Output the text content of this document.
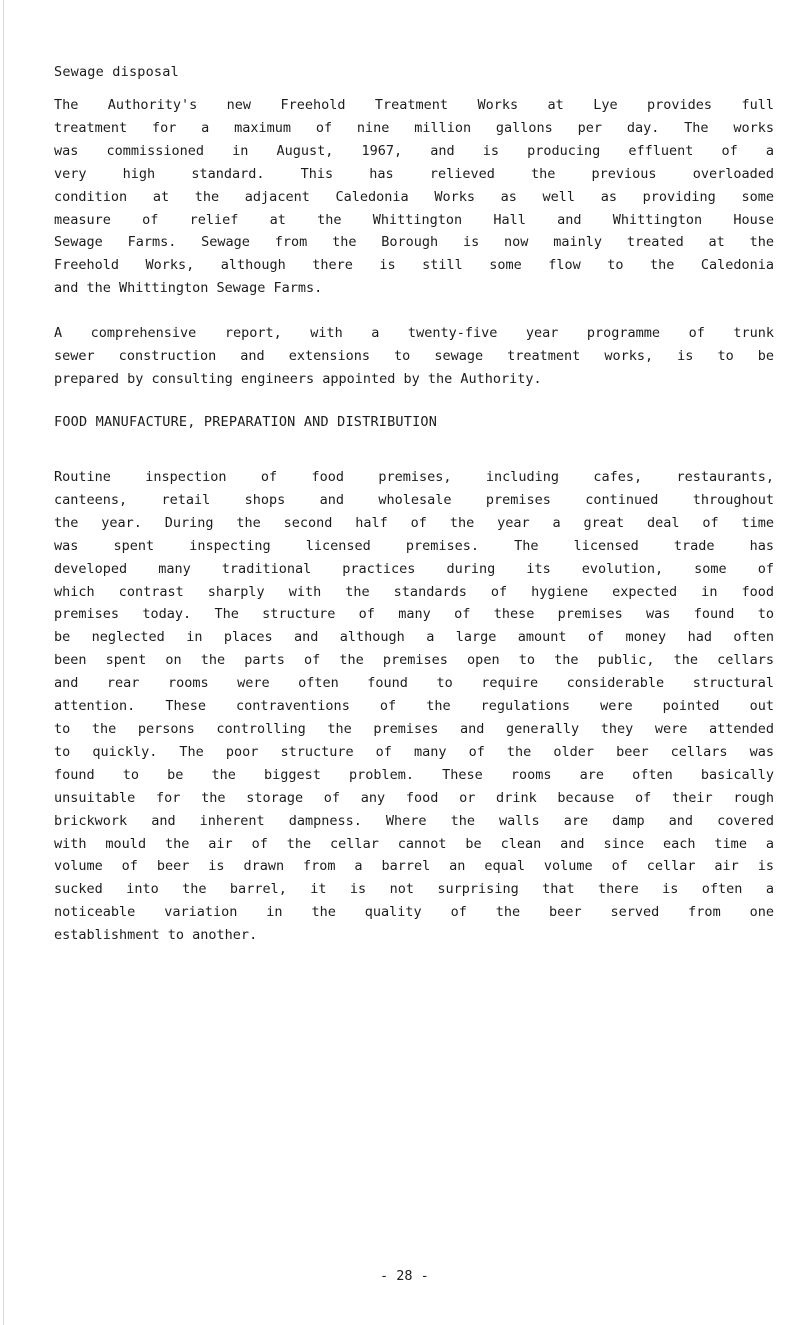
Sewage disposal
The Authority's new Freehold Treatment Works at Lye provides full
treatment for a maximum of nine million gallons per day. The works
was commissioned in August, 1967, and is producing effluent of a
very high standard. This has relieved the previous overloaded
condition at the adjacent Caledonia Works as well as providing some
measure of relief at the Whittington Hall and Whittington House
Sewage Farms. Sewage from the Borough is now mainly treated at the
Freehold Works, although there is still some flow to the Caledonia
and the Whittington Sewage Farms.
A comprehensive report, with a twenty-five year programme of trunk
sewer construction and extensions to sewage treatment works, is to be
prepared by consulting engineers appointed by the Authority.
FOOD MANUFACTURE, PREPARATION AND DISTRIBUTION
Routine inspection of food premises, including cafes, restaurants,
canteens, retail shops and wholesale premises continued throughout
the year. During the second half of the year a great deal of time
was spent inspecting licensed premises. The licensed trade has
developed many traditional practices during its evolution, some of
which contrast sharply with the standards of hygiene expected in food
premises today. The structure of many of these premises was found to
be neglected in places and although a large amount of money had often
been spent on the parts of the premises open to the public, the cellars
and rear rooms were often found to require considerable structural
attention. These contraventions of the regulations were pointed out
to the persons controlling the premises and generally they were attended
to quickly. The poor structure of many of the older beer cellars was
found to be the biggest problem. These rooms are often basically
unsuitable for the storage of any food or drink because of their rough
brickwork and inherent dampness. Where the walls are damp and covered
with mould the air of the cellar cannot be clean and since each time a
volume of beer is drawn from a barrel an equal volume of cellar air is
sucked into the barrel, it is not surprising that there is often a
noticeable variation in the quality of the beer served from one
establishment to another.
- 28 -
